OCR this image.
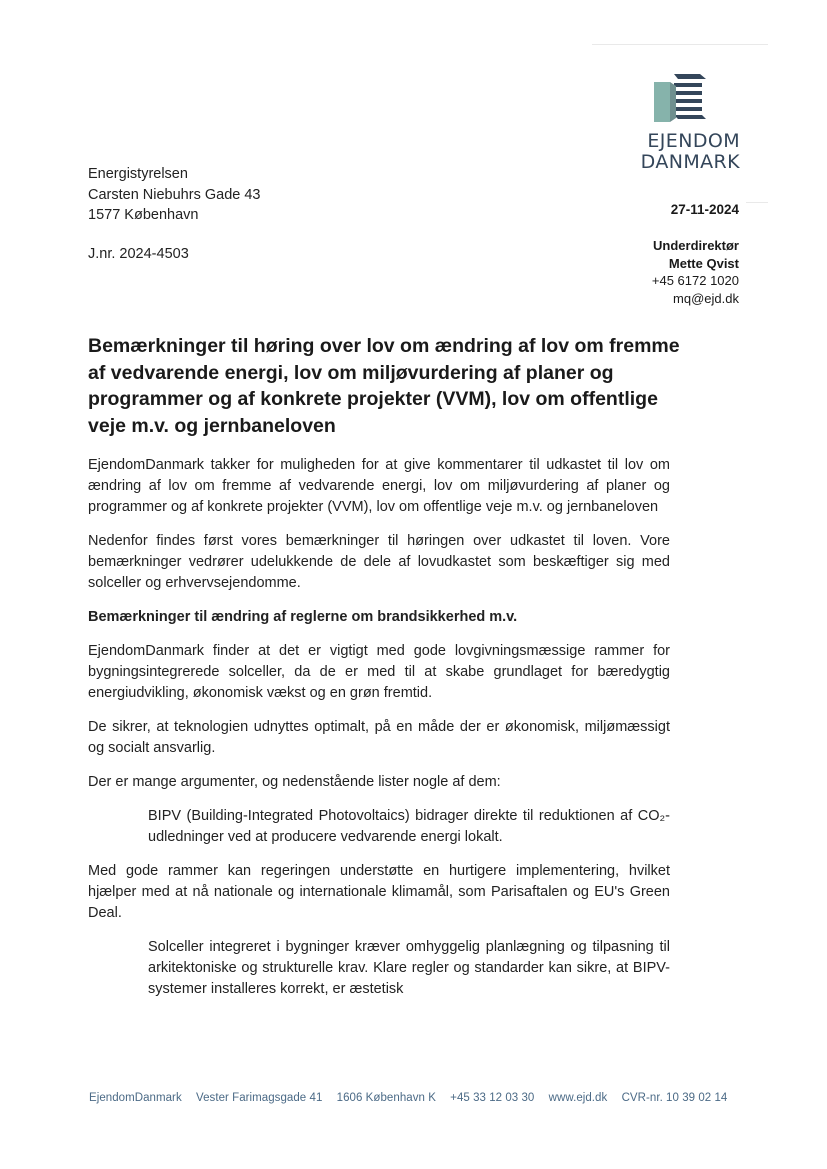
EJENDOM
DANMARK
Energistyrelsen
Carsten Niebuhrs Gade 43
1577 København
J.nr. 2024-4503
27-11-2024
Underdirektør
Mette Qvist
+45 6172 1020
mq@ejd.dk
Bemærkninger til høring over lov om ændring af lov om fremme af vedvarende energi, lov om miljøvurdering af planer og programmer og af konkrete projekter (VVM), lov om offentlige veje m.v. og jernbaneloven

EjendomDanmark takker for muligheden for at give kommentarer til udkastet til lov om ændring af lov om fremme af vedvarende energi, lov om miljøvurdering af planer og programmer og af konkrete projekter (VVM), lov om offentlige veje m.v. og jernbaneloven

Nedenfor findes først vores bemærkninger til høringen over udkastet til loven. Vore bemærkninger vedrører udelukkende de dele af lovudkastet som beskæftiger sig med solceller og erhvervsejendomme.

Bemærkninger til ændring af reglerne om brandsikkerhed m.v.

EjendomDanmark finder at det er vigtigt med gode lovgivningsmæssige rammer for bygningsintegrerede solceller, da de er med til at skabe grundlaget for bæredygtig energiudvikling, økonomisk vækst og en grøn fremtid.

De sikrer, at teknologien udnyttes optimalt, på en måde der er økonomisk, miljømæssigt og socialt ansvarlig.

Der er mange argumenter, og nedenstående lister nogle af dem:

BIPV (Building-Integrated Photovoltaics) bidrager direkte til reduktionen af CO₂-udledninger ved at producere vedvarende energi lokalt.

Med gode rammer kan regeringen understøtte en hurtigere implementering, hvilket hjælper med at nå nationale og internationale klimamål, som Parisaftalen og EU's Green Deal.

Solceller integreret i bygninger kræver omhyggelig planlægning og tilpasning til arkitektoniske og strukturelle krav. Klare regler og standarder kan sikre, at BIPV-systemer installeres korrekt, er æstetisk

EjendomDanmark Vester Farimagsgade 41 1606 København K +45 33 12 03 30 www.ejd.dk CVR-nr. 10 39 02 14
